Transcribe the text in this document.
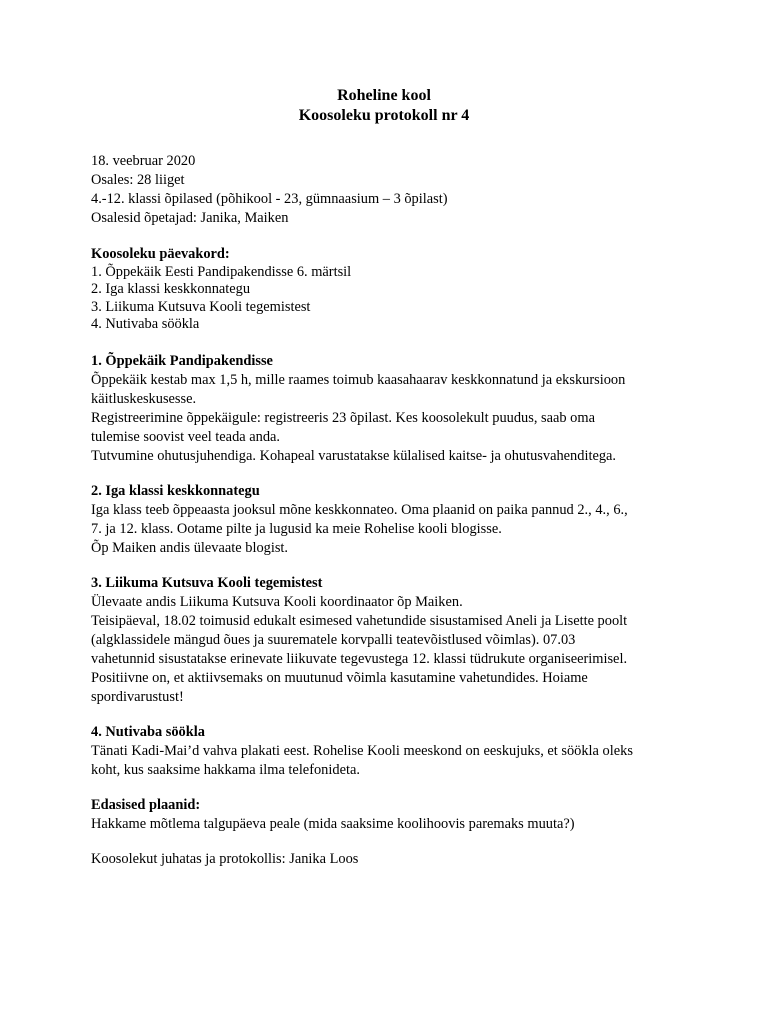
Roheline kool

Koosoleku protokoll nr 4

18. veebruar 2020
Osales: 28 liiget
4.-12. klassi õpilased (põhikool - 23, gümnaasium – 3 õpilast)
Osalesid õpetajad: Janika, Maiken
Koosoleku päevakord:
1. Õppekäik Eesti Pandipakendisse 6. märtsil
2. Iga klassi keskkonnategu
3. Liikuma Kutsuva Kooli tegemistest
4. Nutivaba söökla
1. Õppekäik Pandipakendisse
Õppekäik kestab max 1,5 h, mille raames toimub kaasahaarav keskkonnatund ja ekskursioon
käitluskeskusesse.
Registreerimine õppekäigule: registreeris 23 õpilast. Kes koosolekult puudus, saab oma
tulemise soovist veel teada anda.
Tutvumine ohutusjuhendiga. Kohapeal varustatakse külalised kaitse- ja ohutusvahenditega.
2. Iga klassi keskkonnategu
Iga klass teeb õppeaasta jooksul mõne keskkonnateo. Oma plaanid on paika pannud 2., 4., 6.,
7. ja 12. klass. Ootame pilte ja lugusid ka meie Rohelise kooli blogisse.
Õp Maiken andis ülevaate blogist.
3. Liikuma Kutsuva Kooli tegemistest
Ülevaate andis Liikuma Kutsuva Kooli koordinaator õp Maiken.
Teisipäeval, 18.02 toimusid edukalt esimesed vahetundide sisustamised Aneli ja Lisette poolt
(algklassidele mängud õues ja suurematele korvpalli teatevõistlused võimlas). 07.03
vahetunnid sisustatakse erinevate liikuvate tegevustega 12. klassi tüdrukute organiseerimisel.
Positiivne on, et aktiivsemaks on muutunud võimla kasutamine vahetundides. Hoiame
spordivarustust!
4. Nutivaba söökla
Tänati Kadi-Mai’d vahva plakati eest. Rohelise Kooli meeskond on eeskujuks, et söökla oleks
koht, kus saaksime hakkama ilma telefonideta.
Edasised plaanid:
Hakkame mõtlema talgupäeva peale (mida saaksime koolihoovis paremaks muuta?)
Koosolekut juhatas ja protokollis: Janika Loos
